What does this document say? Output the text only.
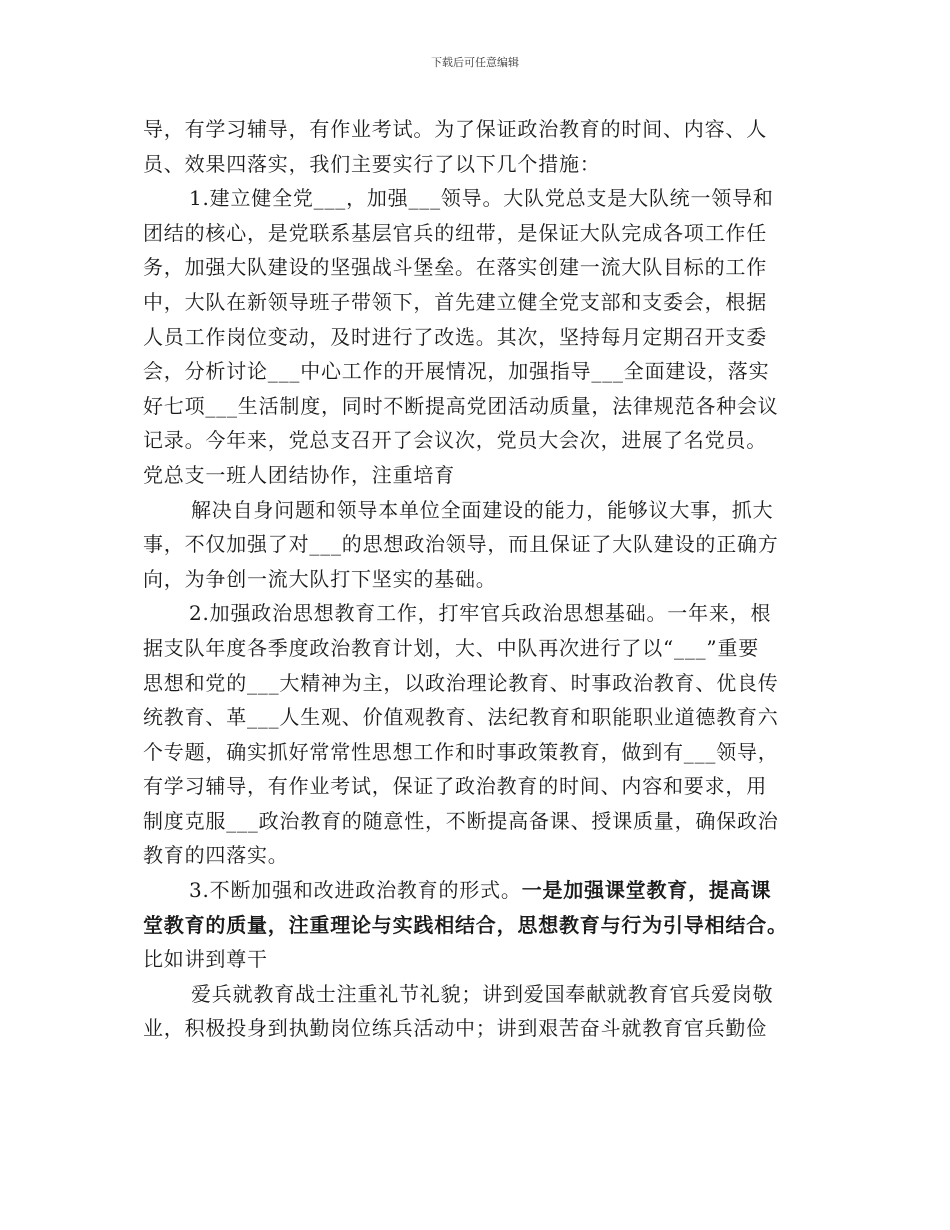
下载后可任意编辑
导，有学习辅导，有作业考试。为了保证政治教育的时间、内容、人
员、效果四落实，我们主要实行了以下几个措施：
1.建立健全党___，加强___领导。大队党总支是大队统一领导和
团结的核心，是党联系基层官兵的纽带，是保证大队完成各项工作任
务，加强大队建设的坚强战斗堡垒。在落实创建一流大队目标的工作
中，大队在新领导班子带领下，首先建立健全党支部和支委会，根据
人员工作岗位变动，及时进行了改选。其次，坚持每月定期召开支委
会，分析讨论___中心工作的开展情况，加强指导___全面建设，落实
好七项___生活制度，同时不断提高党团活动质量，法律规范各种会议
记录。今年来，党总支召开了会议次，党员大会次，进展了名党员。
党总支一班人团结协作，注重培育
解决自身问题和领导本单位全面建设的能力，能够议大事，抓大
事，不仅加强了对___的思想政治领导，而且保证了大队建设的正确方
向，为争创一流大队打下坚实的基础。
2.加强政治思想教育工作，打牢官兵政治思想基础。一年来，根
据支队年度各季度政治教育计划，大、中队再次进行了以“___”重要
思想和党的___大精神为主，以政治理论教育、时事政治教育、优良传
统教育、革___人生观、价值观教育、法纪教育和职能职业道德教育六
个专题，确实抓好常常性思想工作和时事政策教育，做到有___领导，
有学习辅导，有作业考试，保证了政治教育的时间、内容和要求，用
制度克服___政治教育的随意性，不断提高备课、授课质量，确保政治
教育的四落实。
3.不断加强和改进政治教育的形式。一是加强课堂教育，提高课
堂教育的质量，注重理论与实践相结合，思想教育与行为引导相结合。
比如讲到尊干
爱兵就教育战士注重礼节礼貌；讲到爱国奉献就教育官兵爱岗敬
业，积极投身到执勤岗位练兵活动中；讲到艰苦奋斗就教育官兵勤俭
